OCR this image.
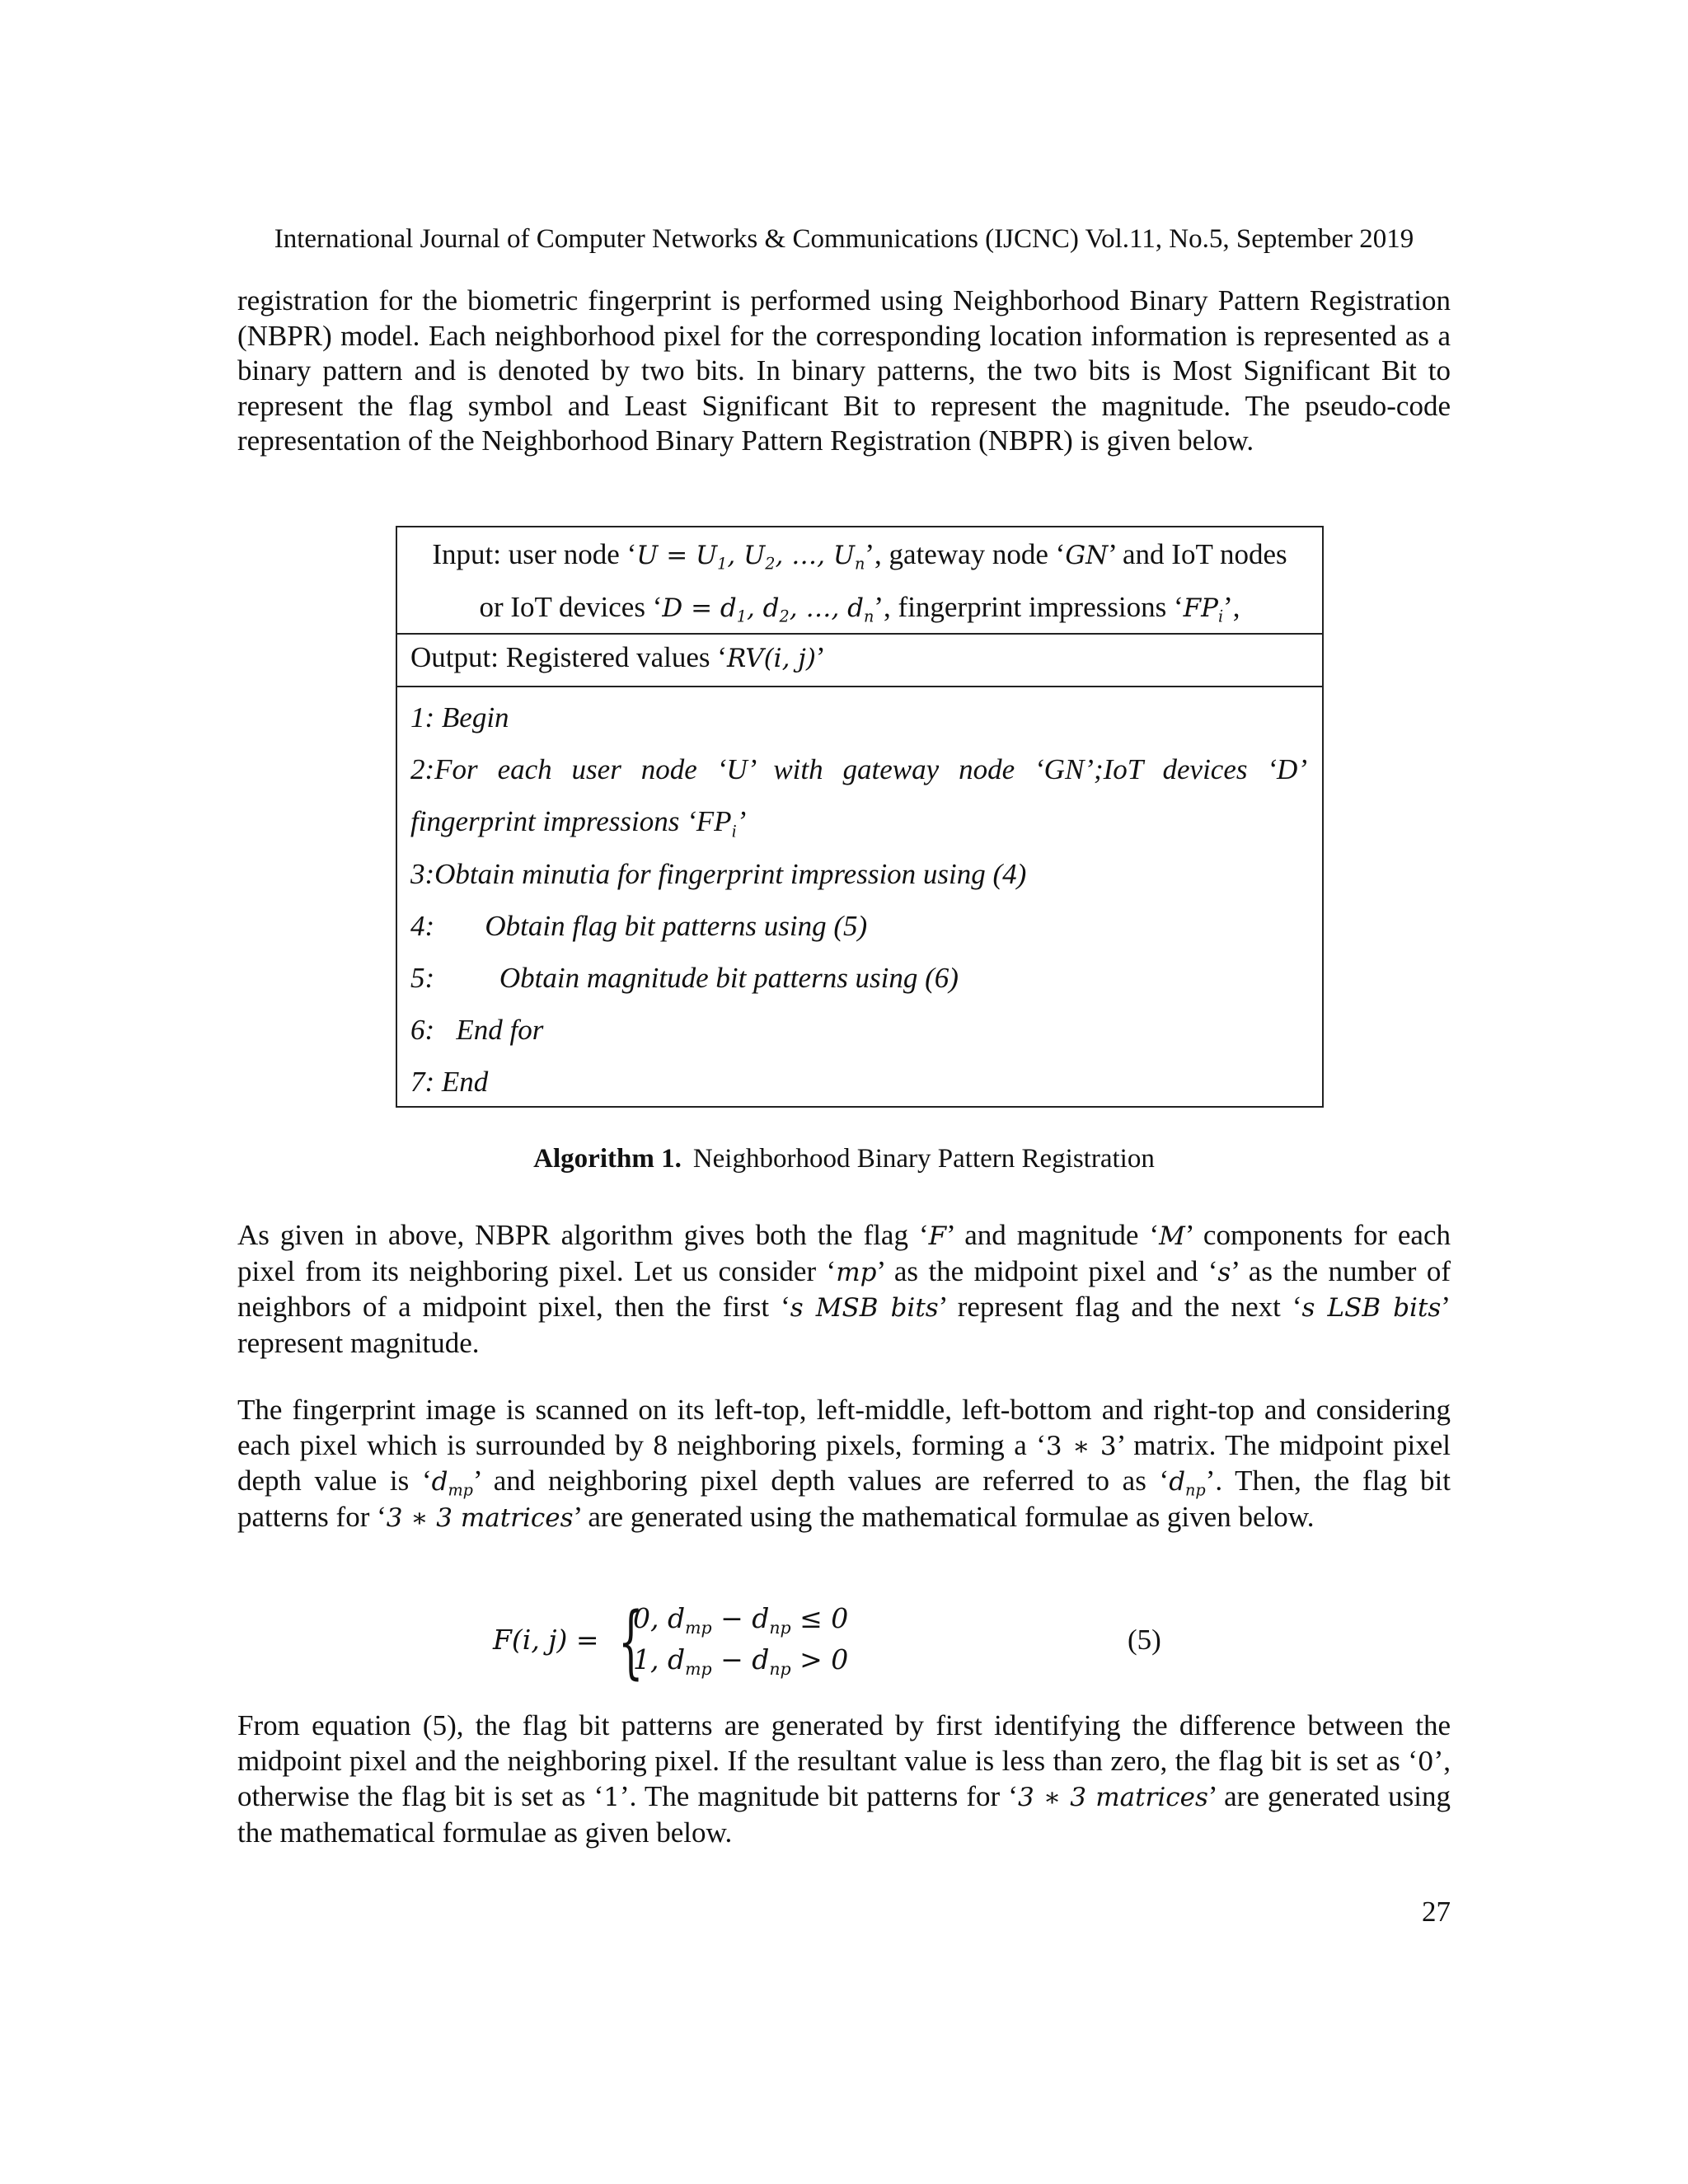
International Journal of Computer Networks & Communications (IJCNC) Vol.11, No.5, September 2019

registration for the biometric fingerprint is performed using Neighborhood Binary Pattern Registration (NBPR) model. Each neighborhood pixel for the corresponding location information is represented as a binary pattern and is denoted by two bits. In binary patterns, the two bits is Most Significant Bit to represent the flag symbol and Least Significant Bit to represent the magnitude. The pseudo-code representation of the Neighborhood Binary Pattern Registration (NBPR) is given below.

Input: user node ‘$U = U_1$, $U_2$, …, $U_n$’, gateway node ‘GN’ and IoT nodes
or IoT devices ‘$D = d_1$, $d_2$, …, $d_n$’, fingerprint impressions ‘$FP_i$’,
Output: Registered values ‘RV(i, j)’
1: Begin
2:For each user node ‘U’ with gateway node ‘GN’;IoT devices ‘D’
fingerprint impressions ‘$FP_i$’
3:Obtain minutia for fingerprint impression using (4)
4:       Obtain flag bit patterns using (5)
5:         Obtain magnitude bit patterns using (6)
6:   End for
7: End
Algorithm 1. Neighborhood Binary Pattern Registration

As given in above, NBPR algorithm gives both the flag ‘F’ and magnitude ‘M’ components for each pixel from its neighboring pixel. Let us consider ‘mp’ as the midpoint pixel and ‘s’ as the number of neighbors of a midpoint pixel, then the first ‘s MSB bits’ represent flag and the next ‘s LSB bits’ represent magnitude.

The fingerprint image is scanned on its left-top, left-middle, left-bottom and right-top and considering each pixel which is surrounded by 8 neighboring pixels, forming a ‘3 ∗ 3’ matrix. The midpoint pixel depth value is ‘$d_{mp}$’ and neighboring pixel depth values are referred to as ‘$d_{np}$’. Then, the flag bit patterns for ‘3 ∗ 3 matrices’ are generated using the mathematical formulae as given below.

F(i, j) = {
0, $d_{mp} - d_{np} \le 0$
1, $d_{mp} - d_{np} > 0$
(5)

From equation (5), the flag bit patterns are generated by first identifying the difference between the midpoint pixel and the neighboring pixel. If the resultant value is less than zero, the flag bit is set as ‘0’, otherwise the flag bit is set as ‘1’. The magnitude bit patterns for ‘3 ∗ 3 matrices’ are generated using the mathematical formulae as given below.

27
